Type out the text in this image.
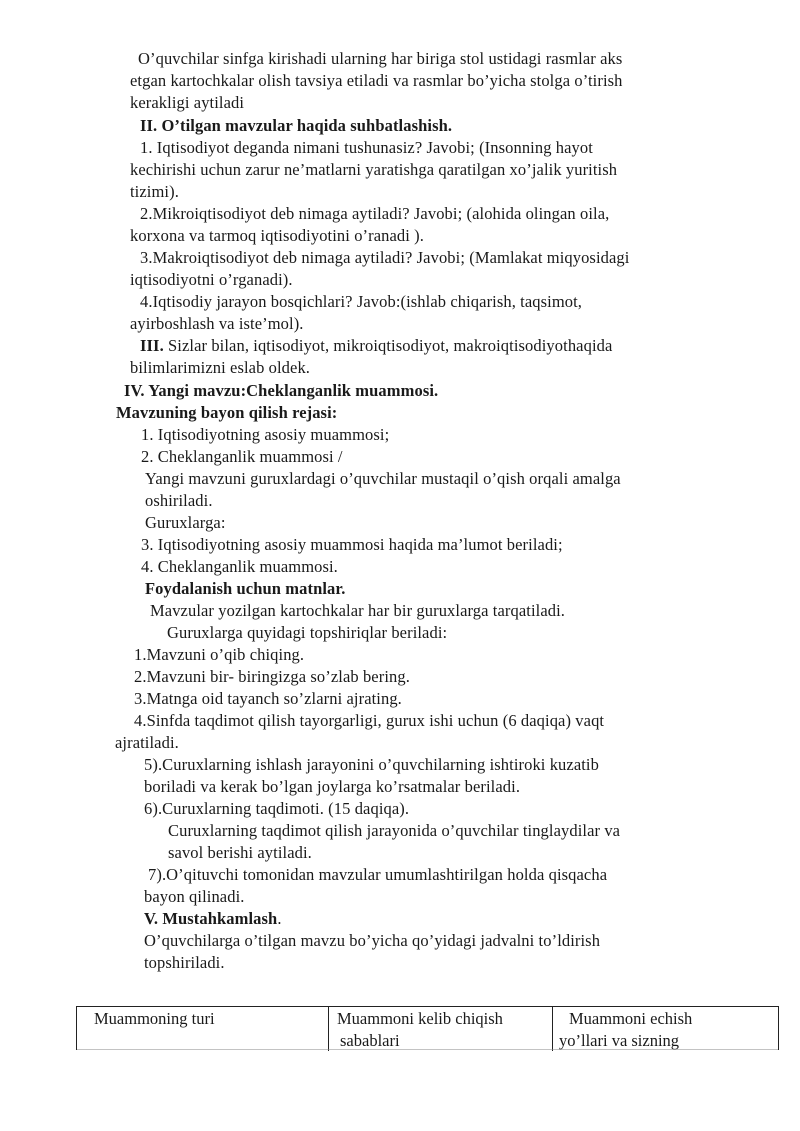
O’quvchilar sinfga kirishadi ularning har biriga stol ustidagi rasmlar aks
etgan kartochkalar olish tavsiya etiladi va rasmlar bo’yicha stolga o’tirish
kerakligi aytiladi
II. O’tilgan mavzular haqida suhbatlashish.
1. Iqtisodiyot deganda nimani tushunasiz? Javobi; (Insonning hayot
kechirishi uchun zarur ne’matlarni yaratishga qaratilgan xo’jalik yuritish
tizimi).
2.Mikroiqtisodiyot deb nimaga aytiladi? Javobi; (alohida olingan oila,
korxona va tarmoq iqtisodiyotini o’ranadi ).
3.Makroiqtisodiyot deb nimaga aytiladi? Javobi; (Mamlakat miqyosidagi
iqtisodiyotni o’rganadi).
4.Iqtisodiy jarayon bosqichlari? Javob:(ishlab chiqarish, taqsimot,
ayirboshlash va iste’mol).
III. Sizlar bilan, iqtisodiyot, mikroiqtisodiyot, makroiqtisodiyothaqida
bilimlarimizni eslab oldek.
IV. Yangi mavzu:Cheklanganlik muammosi.
Mavzuning bayon qilish rejasi:
1. Iqtisodiyotning asosiy muammosi;
2. Cheklanganlik muammosi /
Yangi mavzuni guruxlardagi o’quvchilar mustaqil o’qish orqali amalga
oshiriladi.
Guruxlarga:
3. Iqtisodiyotning asosiy muammosi haqida ma’lumot beriladi;
4. Cheklanganlik muammosi.
Foydalanish uchun matnlar.
Mavzular yozilgan kartochkalar har bir guruxlarga tarqatiladi.
Guruxlarga quyidagi topshiriqlar beriladi:
1.Mavzuni o’qib chiqing.
2.Mavzuni bir- biringizga so’zlab bering.
3.Matnga oid tayanch so’zlarni ajrating.
4.Sinfda taqdimot qilish tayorgarligi, gurux ishi uchun (6 daqiqa) vaqt
ajratiladi.
5).Curuxlarning ishlash jarayonini o’quvchilarning ishtiroki kuzatib
boriladi va kerak bo’lgan joylarga ko’rsatmalar beriladi.
6).Curuxlarning taqdimoti. (15 daqiqa).
Curuxlarning taqdimot qilish jarayonida o’quvchilar tinglaydilar va
savol berishi aytiladi.
7).O’qituvchi tomonidan mavzular umumlashtirilgan holda qisqacha
bayon qilinadi.
V. Mustahkamlash.
O’quvchilarga o’tilgan mavzu bo’yicha qo’yidagi jadvalni to’ldirish
topshiriladi.
Muammoning turi	Muammoni kelib chiqish
sabablari
Muammoni echish
yo’llari va sizning
